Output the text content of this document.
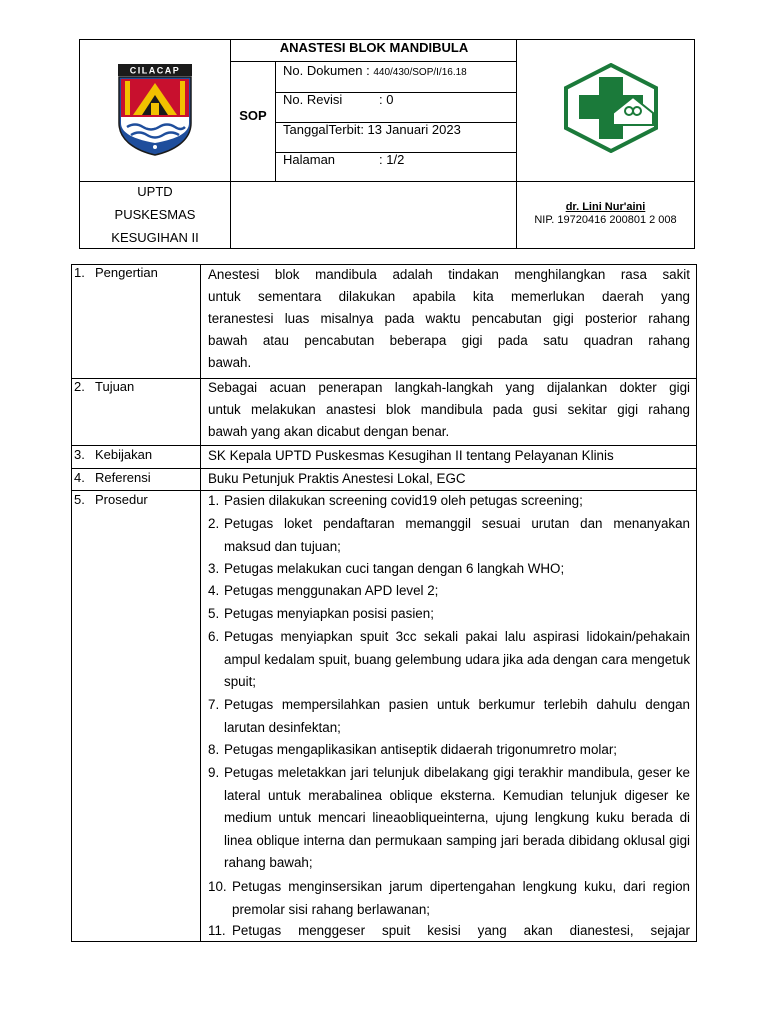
CILACAP
ANASTESI BLOK MANDIBULA
SOP
No. Dokumen : 440/430/SOP/I/16.18
No. Revisi	: 0
TanggalTerbit: 13 Januari 2023
Halaman	: 1/2
UPTD
PUSKESMAS
KESUGIHAN II
dr. Lini Nur'aini
NIP. 19720416 200801 2 008
1. Pengertian	Anestesi blok mandibula adalah tindakan menghilangkan rasa sakit
untuk sementara dilakukan apabila kita memerlukan daerah yang
teranestesi luas misalnya pada waktu pencabutan gigi posterior rahang
bawah atau pencabutan beberapa gigi pada satu quadran rahang
bawah.
2. Tujuan	Sebagai acuan penerapan langkah-langkah yang dijalankan dokter gigi
untuk melakukan anastesi blok mandibula pada gusi sekitar gigi rahang
bawah yang akan dicabut dengan benar.
3. Kebijakan	SK Kepala UPTD Puskesmas Kesugihan II tentang Pelayanan Klinis
4. Referensi	Buku Petunjuk Praktis Anestesi Lokal, EGC
5. Prosedur	1. Pasien dilakukan screening covid19 oleh petugas screening;
2. Petugas loket pendaftaran memanggil sesuai urutan dan menanyakan maksud dan tujuan;
3. Petugas melakukan cuci tangan dengan 6 langkah WHO;
4. Petugas menggunakan APD level 2;
5. Petugas menyiapkan posisi pasien;
6. Petugas menyiapkan spuit 3cc sekali pakai lalu aspirasi lidokain/pehakain ampul kedalam spuit, buang gelembung udara jika ada dengan cara mengetuk spuit;
7. Petugas mempersilahkan pasien untuk berkumur terlebih dahulu dengan larutan desinfektan;
8. Petugas mengaplikasikan antiseptik didaerah trigonumretro molar;
9. Petugas meletakkan jari telunjuk dibelakang gigi terakhir mandibula, geser ke lateral untuk merabalinea oblique eksterna. Kemudian telunjuk digeser ke medium untuk mencari lineaobliqueinterna, ujung lengkung kuku berada di linea oblique interna dan permukaan samping jari berada dibidang oklusal gigi rahang bawah;
10. Petugas menginsersikan jarum dipertengahan lengkung kuku, dari region premolar sisi rahang berlawanan;
11. Petugas menggeser spuit kesisi yang akan dianestesi, sejajar
